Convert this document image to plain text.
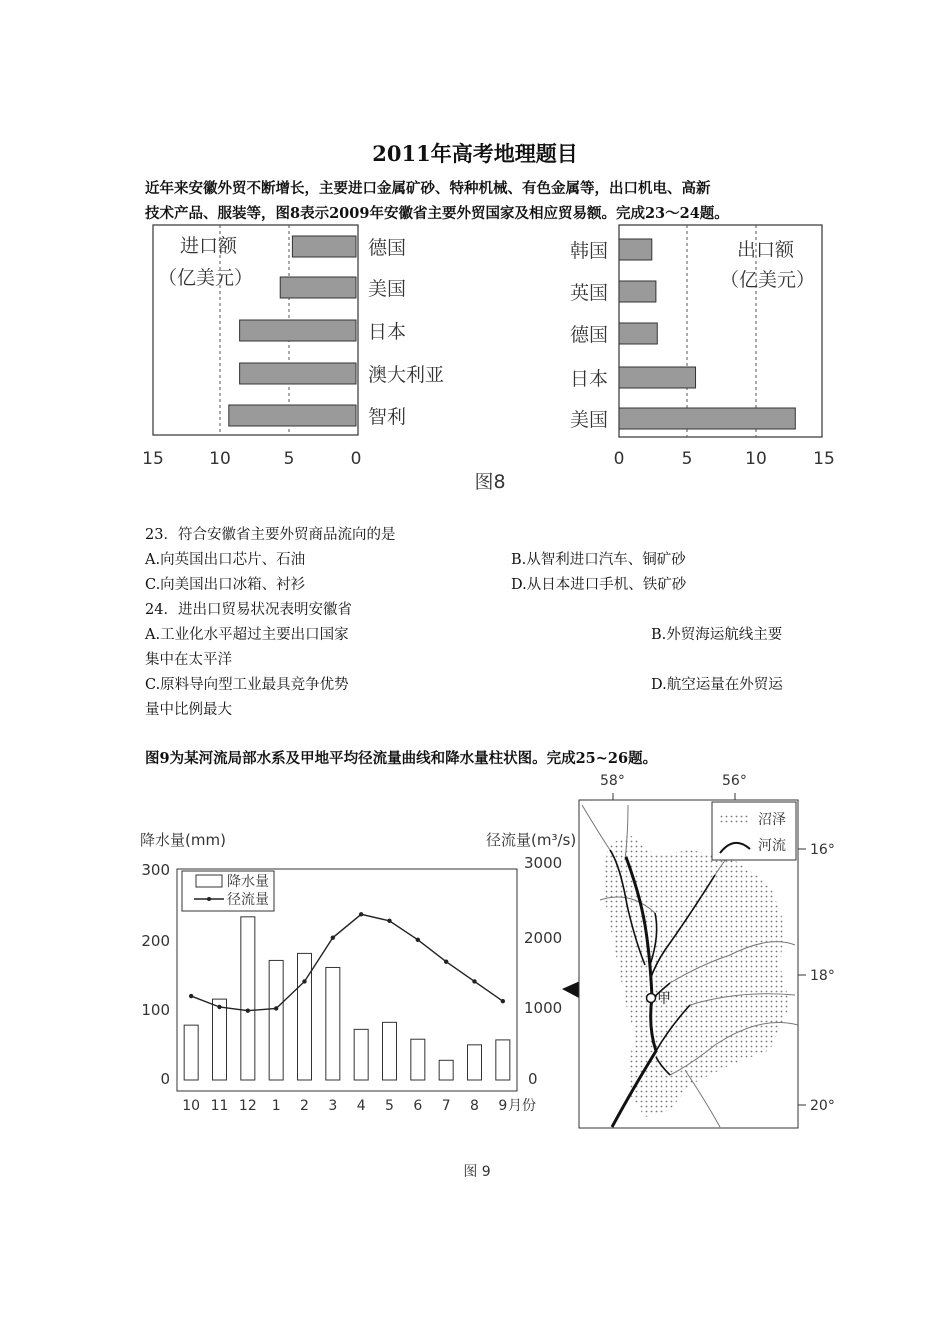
2011年高考地理题目
近年来安徽外贸不断增长，主要进口金属矿砂、特种机械、有色金属等，出口机电、高新
技术产品、服装等，图8表示2009年安徽省主要外贸国家及相应贸易额。完成23～24题。
德国
美国
日本
澳大利亚
智利
进口额
（亿美元）
15	10	5	0
韩国
英国
德国
日本
美国
出口额
（亿美元）
0	5	10	15
图8
23．符合安徽省主要外贸商品流向的是
A.向英国出口芯片、石油	B.从智利进口汽车、铜矿砂
C.向美国出口冰箱、衬衫	D.从日本进口手机、铁矿砂
24．进出口贸易状况表明安徽省
A.工业化水平超过主要出口国家	B.外贸海运航线主要
集中在太平洋
C.原料导向型工业最具竞争优势	D.航空运量在外贸运
量中比例最大
图9为某河流局部水系及甲地平均径流量曲线和降水量柱状图。完成25~26题。
降水量(mm)	径流量(m³/s)
300
200
100
0
3000
2000
1000
0
10 11 12 1 2 3 4 5 6 7 8 9 月份
降水量
径流量
58°	56°
16°
18°
20°
甲
沼泽
河流
图 9
